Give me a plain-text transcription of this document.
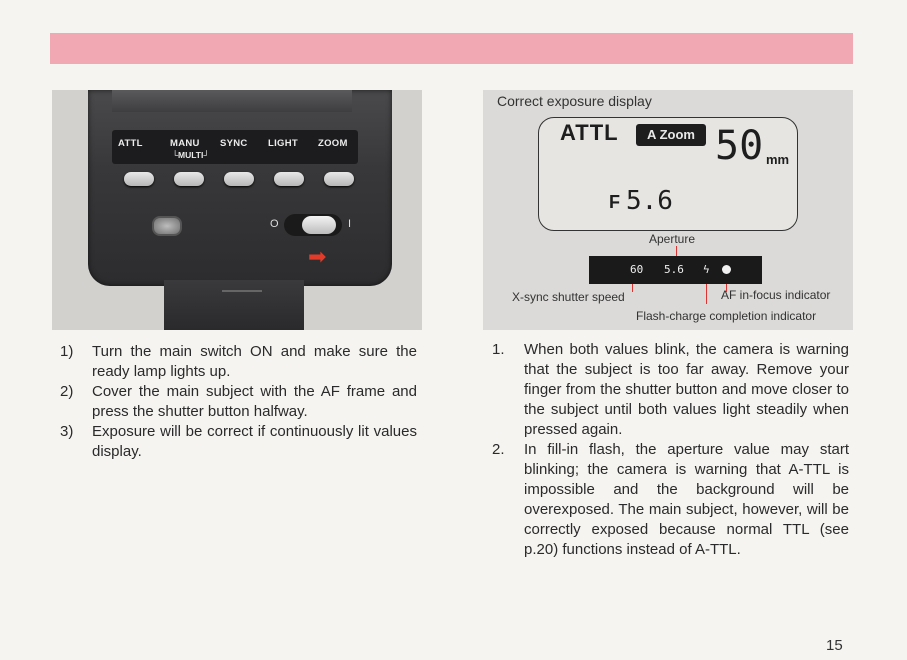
ATTL	MANU SYNC LIGHT ZOOM
└MULTI┘
O	I
➡
Correct exposure display
ATTL	A Zoom 50 mm
F 5.6
Aperture
60 5.6 ϟ
X-sync shutter speed	AF in-focus indicator
Flash-charge completion indicator
1) Turn the main switch ON and make sure the ready lamp lights up.
2) Cover the main subject with the AF frame and press the shutter button halfway.
3) Exposure will be correct if continuously lit values display.
1. When both values blink, the camera is warning that the subject is too far away. Remove your finger from the shutter button and move closer to the subject until both values light steadily when pressed again.
2. In fill-in flash, the aperture value may start blinking; the camera is warning that A-TTL is impossible and the background will be overexposed. The main subject, however, will be correctly exposed because normal TTL (see p.20) functions instead of A-TTL.
15
